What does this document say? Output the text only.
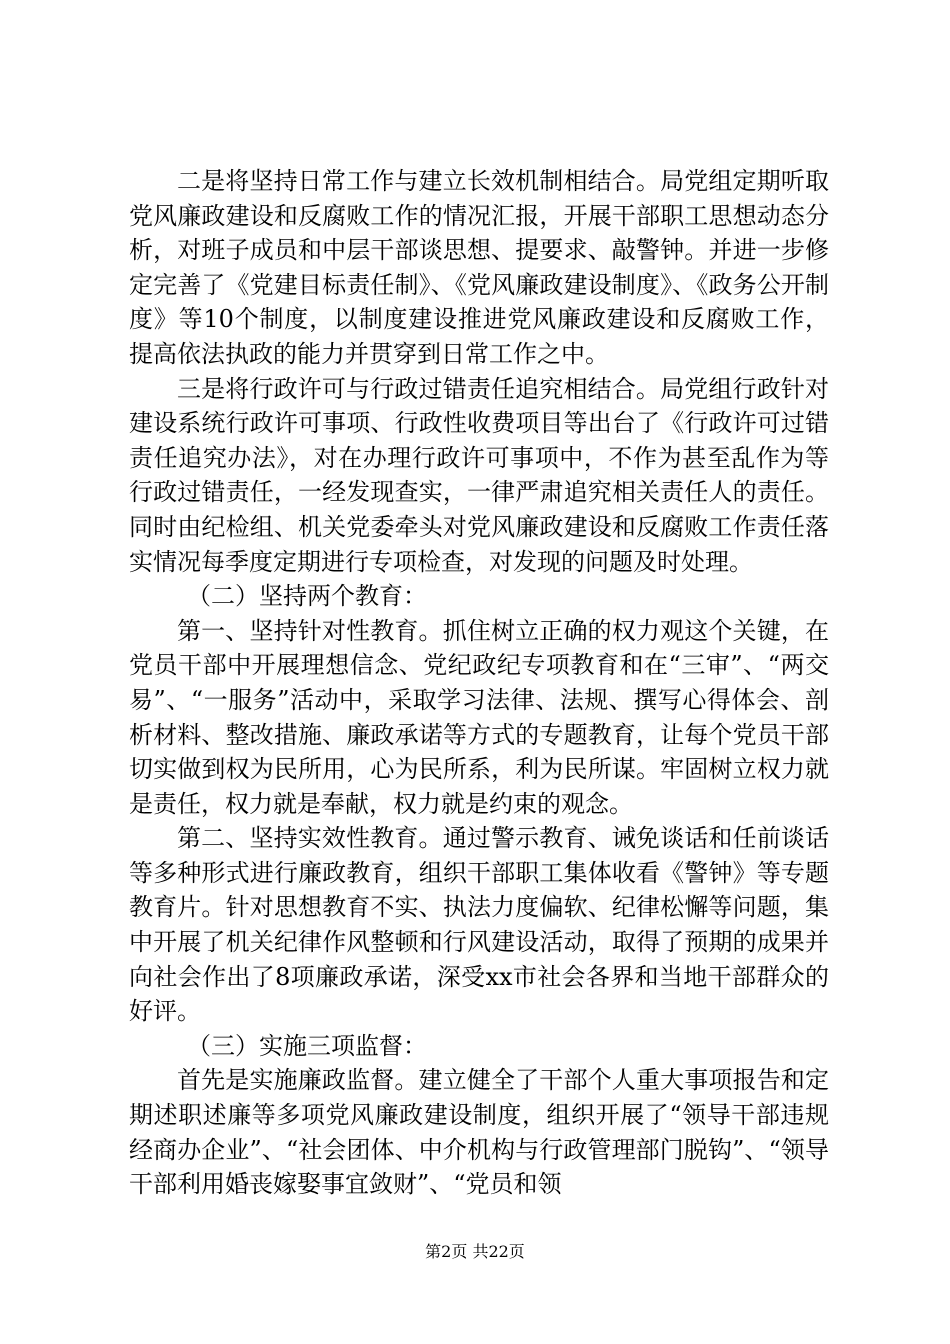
二是将坚持日常工作与建立长效机制相结合。局党组定期听取党风廉政建设和反腐败工作的情况汇报，开展干部职工思想动态分析，对班子成员和中层干部谈思想、提要求、敲警钟。并进一步修定完善了《党建目标责任制》、《党风廉政建设制度》、《政务公开制度》等10个制度，以制度建设推进党风廉政建设和反腐败工作，提高依法执政的能力并贯穿到日常工作之中。

三是将行政许可与行政过错责任追究相结合。局党组行政针对建设系统行政许可事项、行政性收费项目等出台了《行政许可过错责任追究办法》，对在办理行政许可事项中，不作为甚至乱作为等行政过错责任，一经发现查实，一律严肃追究相关责任人的责任。同时由纪检组、机关党委牵头对党风廉政建设和反腐败工作责任落实情况每季度定期进行专项检查，对发现的问题及时处理。

（二）坚持两个教育：

第一、坚持针对性教育。抓住树立正确的权力观这个关键，在党员干部中开展理想信念、党纪政纪专项教育和在“三审”、“两交易”、“一服务”活动中，采取学习法律、法规、撰写心得体会、剖析材料、整改措施、廉政承诺等方式的专题教育，让每个党员干部切实做到权为民所用，心为民所系，利为民所谋。牢固树立权力就是责任，权力就是奉献，权力就是约束的观念。

第二、坚持实效性教育。通过警示教育、诫免谈话和任前谈话等多种形式进行廉政教育，组织干部职工集体收看《警钟》等专题教育片。针对思想教育不实、执法力度偏软、纪律松懈等问题，集中开展了机关纪律作风整顿和行风建设活动，取得了预期的成果并向社会作出了8项廉政承诺，深受xx市社会各界和当地干部群众的好评。

（三）实施三项监督：

首先是实施廉政监督。建立健全了干部个人重大事项报告和定期述职述廉等多项党风廉政建设制度，组织开展了“领导干部违规经商办企业”、“社会团体、中介机构与行政管理部门脱钩”、“领导干部利用婚丧嫁娶事宜敛财”、“党员和领

第2页 共22页
